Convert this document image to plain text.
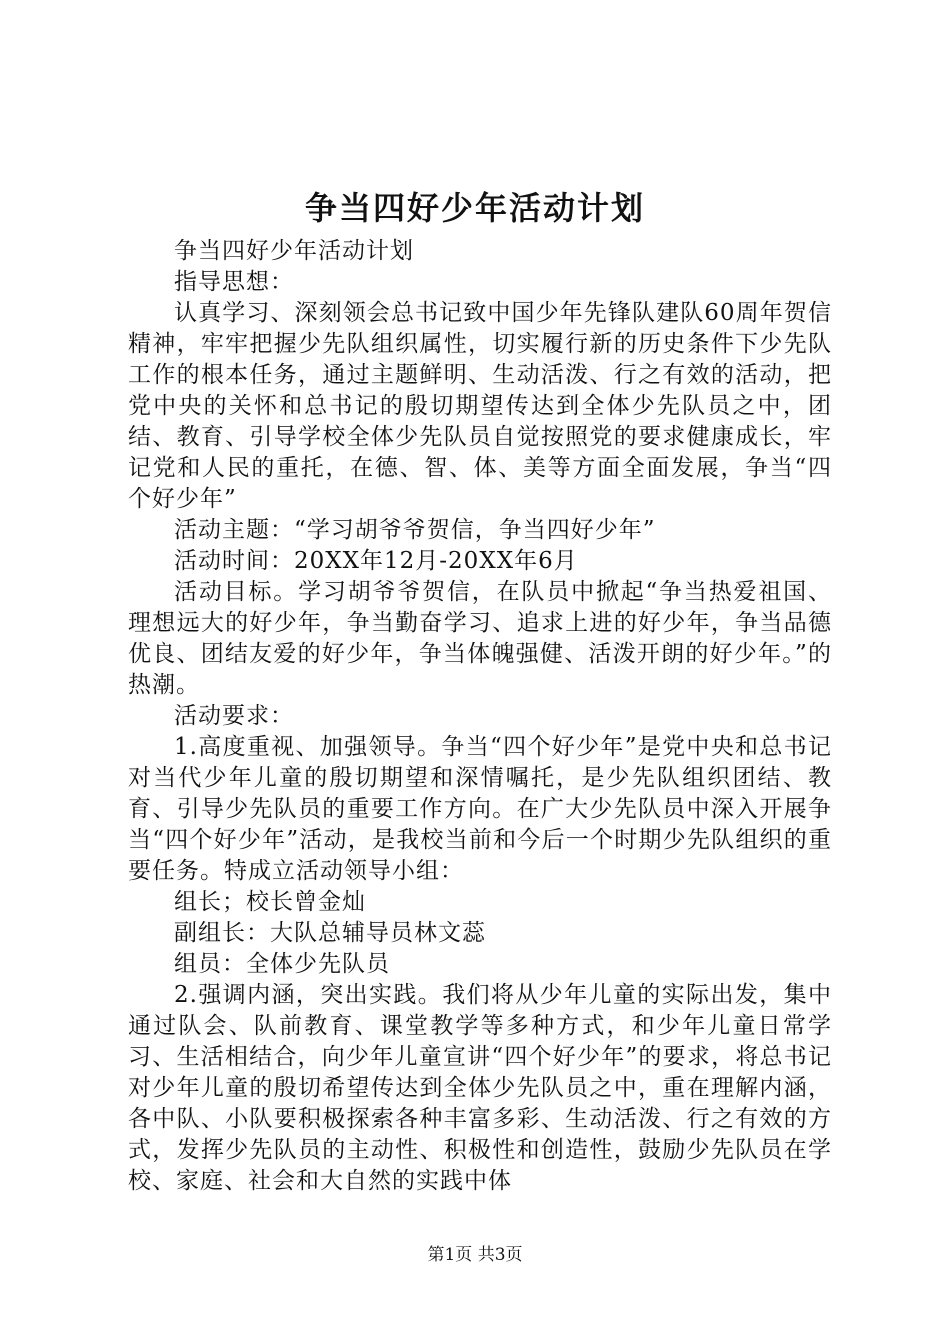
争当四好少年活动计划

争当四好少年活动计划

指导思想：

认真学习、深刻领会总书记致中国少年先锋队建队60周年贺信精神，牢牢把握少先队组织属性，切实履行新的历史条件下少先队工作的根本任务，通过主题鲜明、生动活泼、行之有效的活动，把党中央的关怀和总书记的殷切期望传达到全体少先队员之中，团结、教育、引导学校全体少先队员自觉按照党的要求健康成长，牢记党和人民的重托，在德、智、体、美等方面全面发展，争当“四个好少年”

活动主题：“学习胡爷爷贺信，争当四好少年”

活动时间：20XX年12月-20XX年6月

活动目标。学习胡爷爷贺信，在队员中掀起“争当热爱祖国、理想远大的好少年，争当勤奋学习、追求上进的好少年，争当品德优良、团结友爱的好少年，争当体魄强健、活泼开朗的好少年。”的热潮。

活动要求：

1.高度重视、加强领导。争当“四个好少年”是党中央和总书记对当代少年儿童的殷切期望和深情嘱托，是少先队组织团结、教育、引导少先队员的重要工作方向。在广大少先队员中深入开展争当“四个好少年”活动，是我校当前和今后一个时期少先队组织的重要任务。特成立活动领导小组：

组长；校长曾金灿

副组长：大队总辅导员林文蕊

组员：全体少先队员

2.强调内涵，突出实践。我们将从少年儿童的实际出发，集中通过队会、队前教育、课堂教学等多种方式，和少年儿童日常学习、生活相结合，向少年儿童宣讲“四个好少年”的要求，将总书记对少年儿童的殷切希望传达到全体少先队员之中，重在理解内涵，各中队、小队要积极探索各种丰富多彩、生动活泼、行之有效的方式，发挥少先队员的主动性、积极性和创造性，鼓励少先队员在学校、家庭、社会和大自然的实践中体

第1页 共3页
